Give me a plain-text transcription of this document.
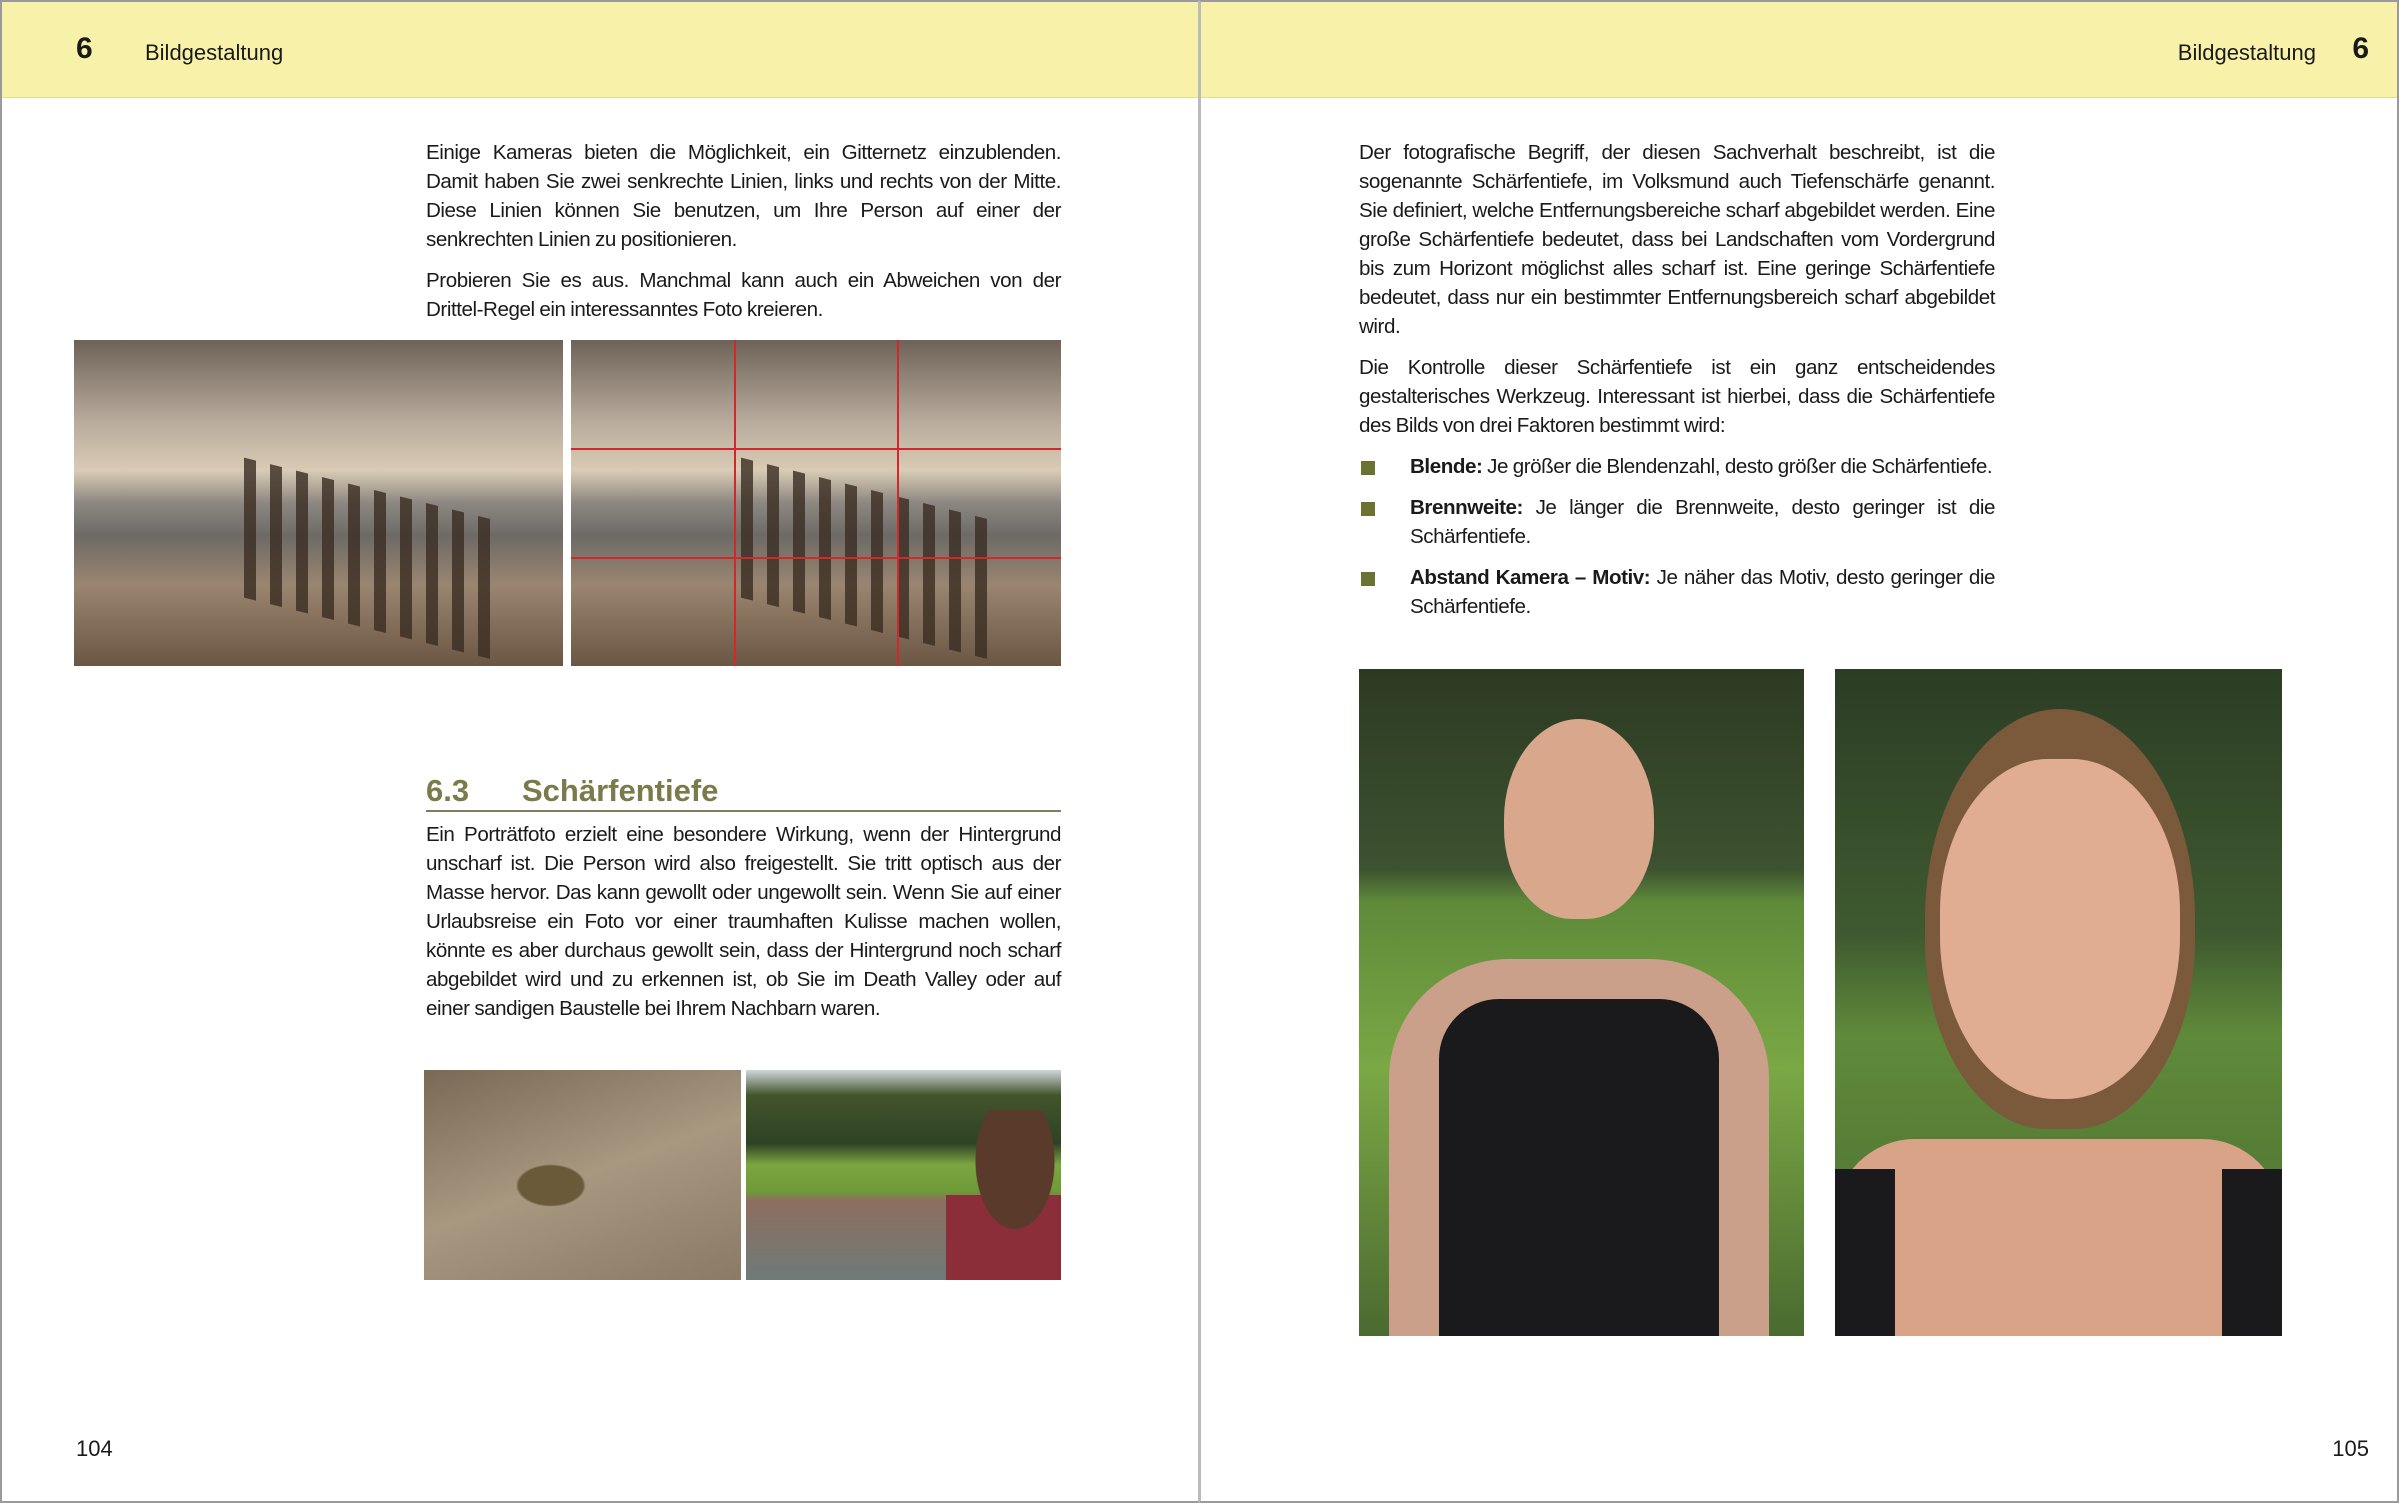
6 Bildgestaltung

Einige Kameras bieten die Möglichkeit, ein Gitternetz einzublenden. Damit haben Sie zwei senkrechte Linien, links und rechts von der Mitte. Diese Linien können Sie benutzen, um Ihre Person auf einer der senkrechten Linien zu positionieren.

Probieren Sie es aus. Manchmal kann auch ein Abweichen von der Drittel-Regel ein interessanntes Foto kreieren.

6.3 Schärfentiefe

Ein Porträtfoto erzielt eine besondere Wirkung, wenn der Hintergrund unscharf ist. Die Person wird also freigestellt. Sie tritt optisch aus der Masse hervor. Das kann gewollt oder ungewollt sein. Wenn Sie auf einer Urlaubsreise ein Foto vor einer traumhaften Kulisse machen wollen, könnte es aber durchaus gewollt sein, dass der Hintergrund noch scharf abgebildet wird und zu erkennen ist, ob Sie im Death Valley oder auf einer sandigen Baustelle bei Ihrem Nachbarn waren.

104
Bildgestaltung 6

Der fotografische Begriff, der diesen Sachverhalt beschreibt, ist die sogenannte Schärfentiefe, im Volksmund auch Tiefenschärfe genannt. Sie definiert, welche Entfernungsbereiche scharf abgebildet werden. Eine große Schärfentiefe bedeutet, dass bei Landschaften vom Vordergrund bis zum Horizont möglichst alles scharf ist. Eine geringe Schärfentiefe bedeutet, dass nur ein bestimmter Entfernungsbereich scharf abgebildet wird.

Die Kontrolle dieser Schärfentiefe ist ein ganz entscheidendes gestalterisches Werkzeug. Interessant ist hierbei, dass die Schärfentiefe des Bilds von drei Faktoren bestimmt wird:

Blende: Je größer die Blendenzahl, desto größer die Schärfentiefe.
Brennweite: Je länger die Brennweite, desto geringer ist die Schärfentiefe.
Abstand Kamera – Motiv: Je näher das Motiv, desto geringer die Schärfentiefe.
105
